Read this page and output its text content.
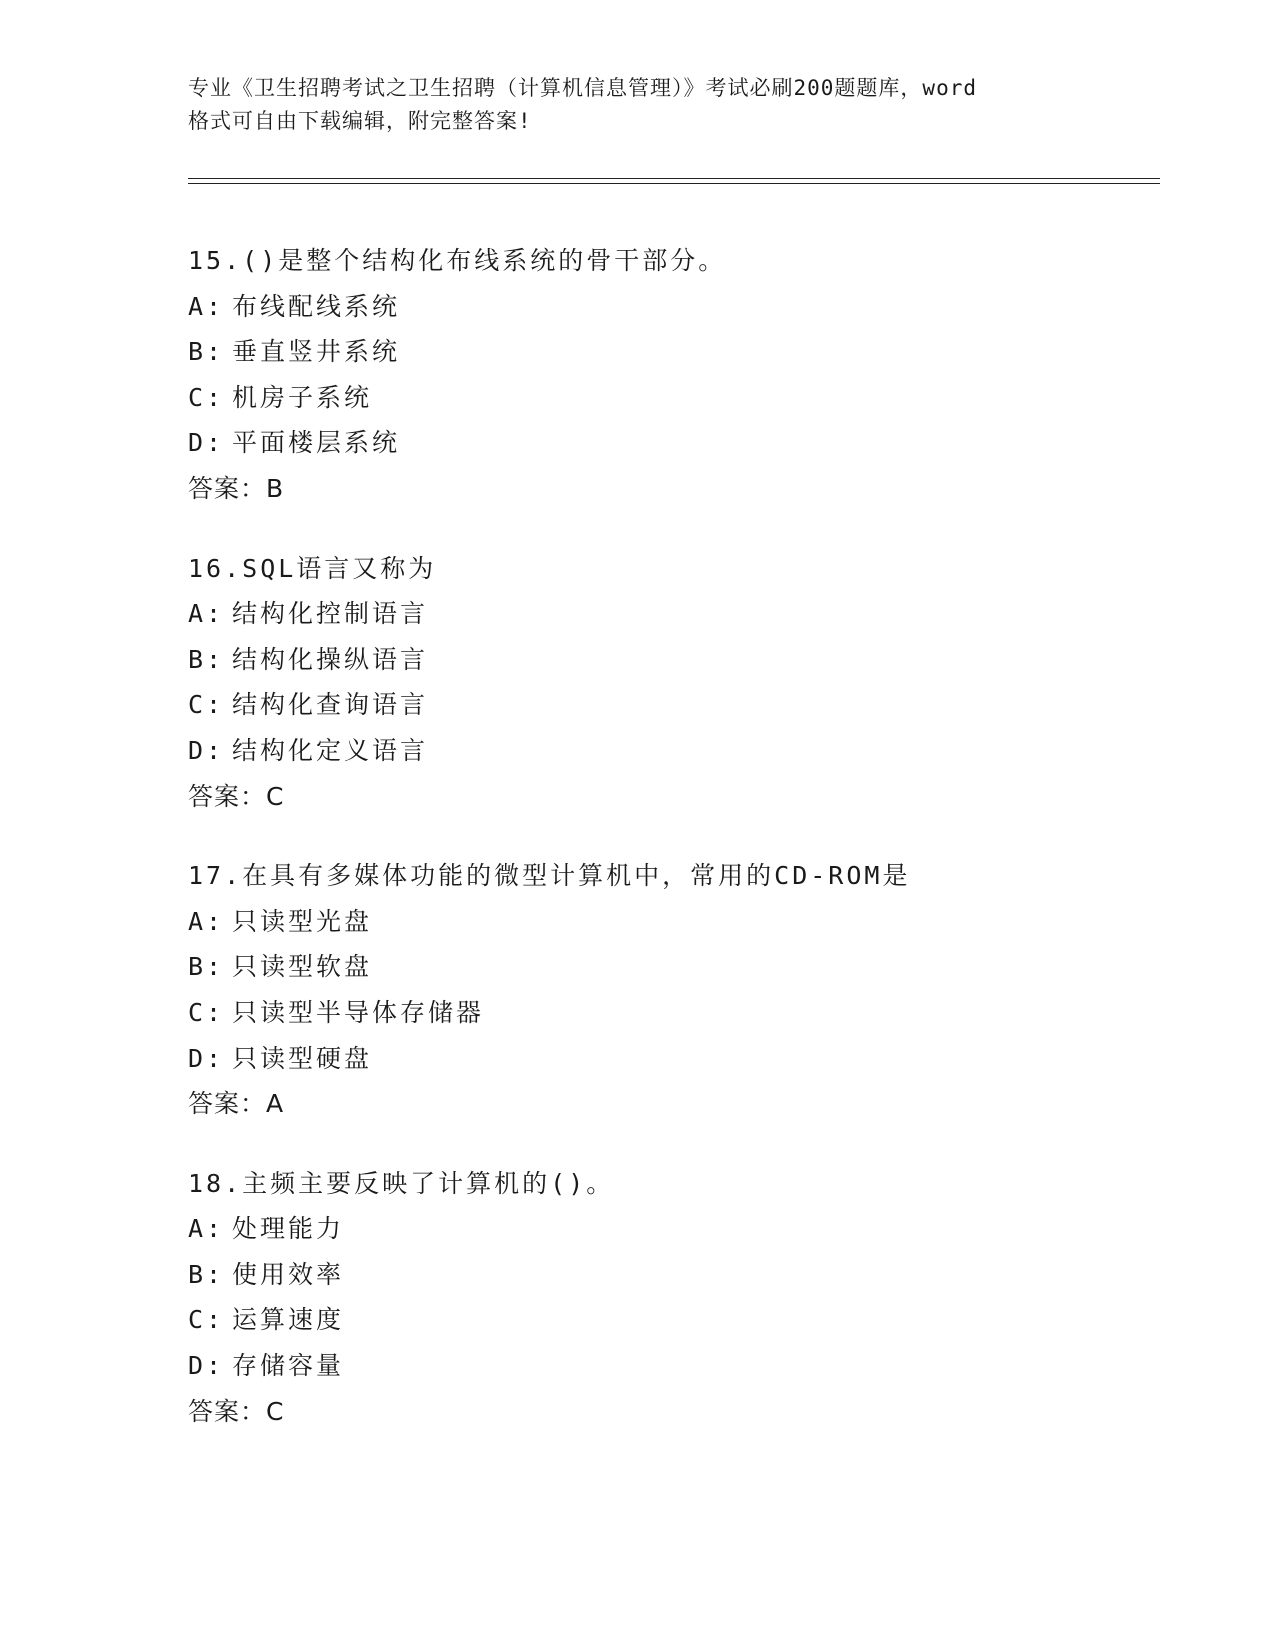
专业《卫生招聘考试之卫生招聘（计算机信息管理）》考试必刷200题题库，word
格式可自由下载编辑，附完整答案!
15.()是整个结构化布线系统的骨干部分。
A: 布线配线系统
B: 垂直竖井系统
C: 机房子系统
D: 平面楼层系统
答案：B
16.SQL语言又称为
A: 结构化控制语言
B: 结构化操纵语言
C: 结构化查询语言
D: 结构化定义语言
答案：C
17.在具有多媒体功能的微型计算机中，常用的CD-ROM是
A: 只读型光盘
B: 只读型软盘
C: 只读型半导体存储器
D: 只读型硬盘
答案：A
18.主频主要反映了计算机的()。
A: 处理能力
B: 使用效率
C: 运算速度
D: 存储容量
答案：C
